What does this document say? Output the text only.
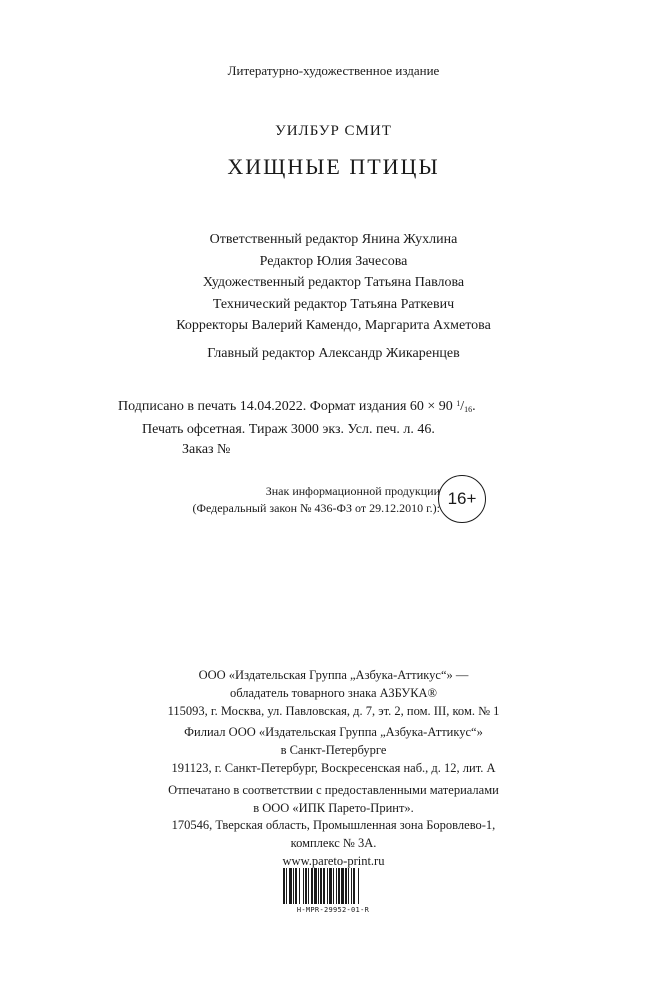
Литературно-художественное издание
УИЛБУР СМИТ
ХИЩНЫЕ ПТИЦЫ
Ответственный редактор Янина Жухлина
Редактор Юлия Зачесова
Художественный редактор Татьяна Павлова
Технический редактор Татьяна Раткевич
Корректоры Валерий Камендо, Маргарита Ахметова
Главный редактор Александр Жикаренцев
Подписано в печать 14.04.2022. Формат издания 60 × 90 $^1/_{16}$.
Печать офсетная. Тираж 3000 экз. Усл. печ. л. 46.
Заказ №
Знак информационной продукции
(Федеральный закон № 436-ФЗ от 29.12.2010 г.): 16+
ООО «Издательская Группа „Азбука-Аттикус“» —
обладатель товарного знака АЗБУКА®
115093, г. Москва, ул. Павловская, д. 7, эт. 2, пом. III, ком. № 1
Филиал ООО «Издательская Группа „Азбука-Аттикус“»
в Санкт-Петербурге
191123, г. Санкт-Петербург, Воскресенская наб., д. 12, лит. А
Отпечатано в соответствии с предоставленными материалами
в ООО «ИПК Парето-Принт».
170546, Тверская область, Промышленная зона Боровлево-1,
комплекс № 3А.
www.pareto-print.ru
H-MPR-29952-01-R
